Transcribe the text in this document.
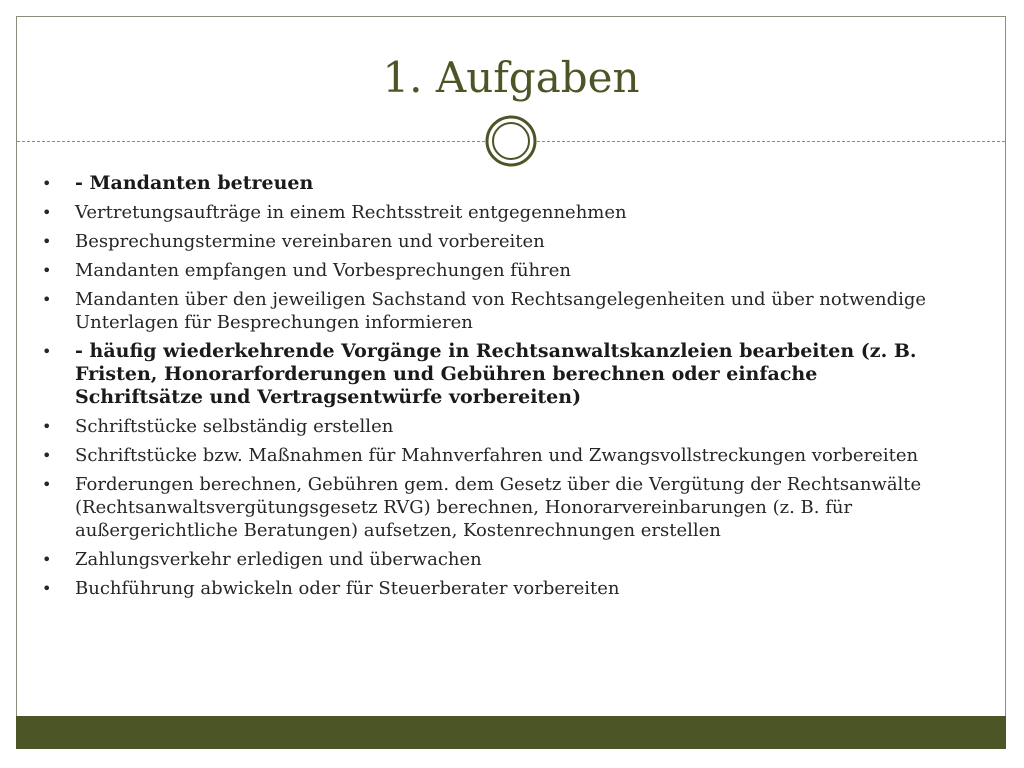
1. Aufgaben
• - Mandanten betreuen
• Vertretungsaufträge in einem Rechtsstreit entgegennehmen
• Besprechungstermine vereinbaren und vorbereiten
• Mandanten empfangen und Vorbesprechungen führen
• Mandanten über den jeweiligen Sachstand von Rechtsangelegenheiten und über notwendige Unterlagen für Besprechungen informieren
• - häufig wiederkehrende Vorgänge in Rechtsanwaltskanzleien bearbeiten (z. B. Fristen, Honorarforderungen und Gebühren berechnen oder einfache Schriftsätze und Vertragsentwürfe vorbereiten)
• Schriftstücke selbständig erstellen
• Schriftstücke bzw. Maßnahmen für Mahnverfahren und Zwangsvollstreckungen vorbereiten
• Forderungen berechnen, Gebühren gem. dem Gesetz über die Vergütung der Rechtsanwälte (Rechtsanwaltsvergütungsgesetz RVG) berechnen, Honorarvereinbarungen (z. B. für außergerichtliche Beratungen) aufsetzen, Kostenrechnungen erstellen
• Zahlungsverkehr erledigen und überwachen
• Buchführung abwickeln oder für Steuerberater vorbereiten
